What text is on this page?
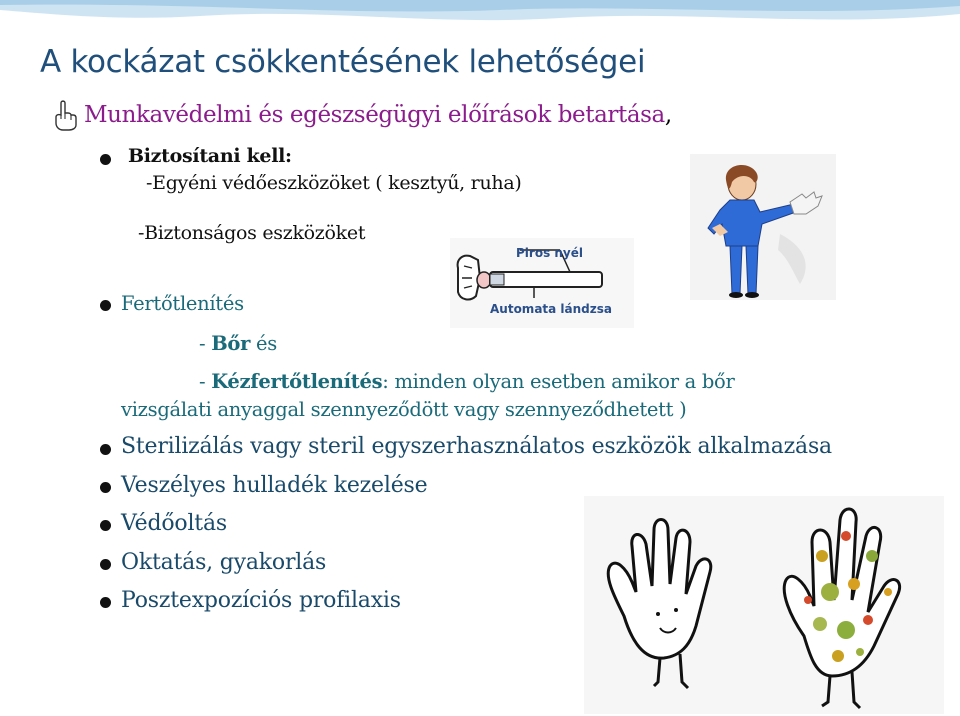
A kockázat csökkentésének lehetőségei
Munkavédelmi és egészségügyi előírások betartása ,
Biztosítani kell:
-Egyéni védőeszközöket ( kesztyű, ruha)
-Biztonságos eszközöket
Fertőtlenítés
- Bőr és
- Kézfertőtlenítés: minden olyan esetben amikor a bőr
vizsgálati anyaggal szennyeződött vagy szennyeződhetett )
Sterilizálás vagy steril egyszerhasználatos eszközök alkalmazása
Veszélyes hulladék kezelése
Védőoltás
Oktatás, gyakorlás
Posztexpozíciós profilaxis
Piros nyél
Automata lándzsa
